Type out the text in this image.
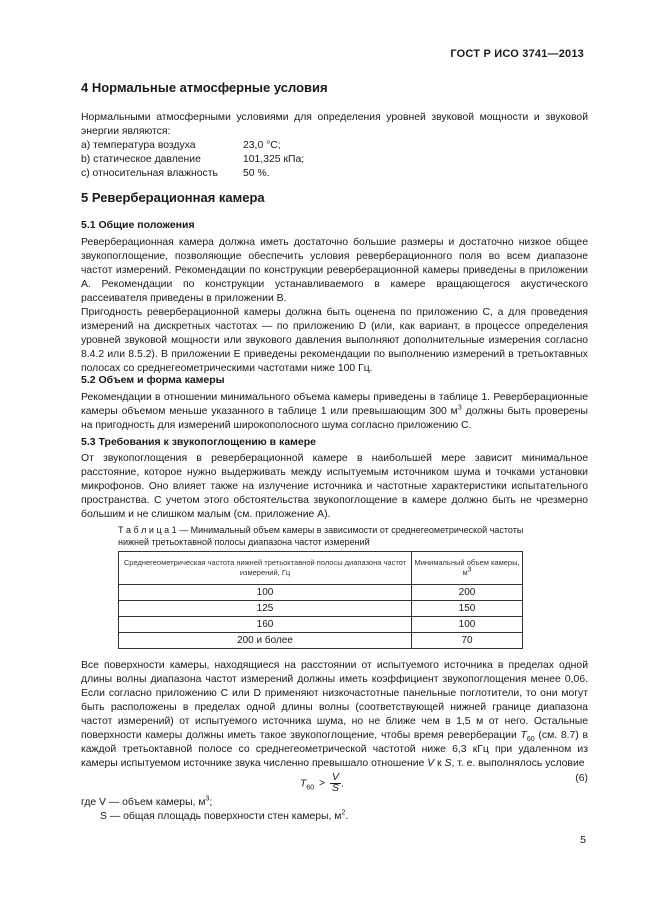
ГОСТ Р ИСО 3741—2013
4 Нормальные атмосферные условия
Нормальными атмосферными условиями для определения уровней звуковой мощности и звуковой энергии являются:
а) температура воздуха	23,0 °С;
b) статическое давление	101,325 кПа;
с) относительная влажность 50 %.
5 Реверберационная камера
5.1 Общие положения
Реверберационная камера должна иметь достаточно большие размеры и достаточно низкое общее звукопоглощение, позволяющие обеспечить условия реверберационного поля во всем диапазоне частот измерений. Рекомендации по конструкции реверберационной камеры приведены в приложении А. Рекомендации по конструкции устанавливаемого в камере вращающегося акустического рассеивателя приведены в приложении В.
Пригодность реверберационной камеры должна быть оценена по приложению С, а для проведения измерений на дискретных частотах — по приложению D (или, как вариант, в процессе определения уровней звуковой мощности или звукового давления выполняют дополнительные измерения согласно 8.4.2 или 8.5.2). В приложении Е приведены рекомендации по выполнению измерений в третьоктавных полосах со среднегеометрическими частотами ниже 100 Гц.
5.2 Объем и форма камеры
Рекомендации в отношении минимального объема камеры приведены в таблице 1. Реверберационные камеры объемом меньше указанного в таблице 1 или превышающим 300 $м^3$ должны быть проверены на пригодность для измерений широкополосного шума согласно приложению С.
5.3 Требования к звукопоглощению в камере
От звукопоглощения в реверберационной камере в наибольшей мере зависит минимальное расстояние, которое нужно выдерживать между испытуемым источником шума и точками установки микрофонов. Оно влияет также на излучение источника и частотные характеристики испытательного пространства. С учетом этого обстоятельства звукопоглощение в камере должно быть не чрезмерно большим и не слишком малым (см. приложение А).
Т а б л и ц а 1 — Минимальный объем камеры в зависимости от среднегеометрической частоты нижней третьоктавной полосы диапазона частот измерений
Среднегеометрическая частота нижней третьоктавной полосы диапазона частот измерений, Гц	Минимальный объем камеры, $м^3$
100	200
125	150
160	100
200 и более	70
Все поверхности камеры, находящиеся на расстоянии от испытуемого источника в пределах одной длины волны диапазона частот измерений должны иметь коэффициент звукопоглощения менее 0,06. Если согласно приложению С или D применяют низкочастотные панельные поглотители, то они могут быть расположены в пределах одной длины волны (соответствующей нижней границе диапазона частот измерений) от испытуемого источника шума, но не ближе чем в 1,5 м от него. Остальные поверхности камеры должны иметь такое звукопоглощение, чтобы время реверберации $T_{60}$ (см. 8.7) в каждой третьоктавной полосе со среднегеометрической частотой ниже 6,3 кГц при удаленном из камеры испытуемом источнике звука численно превышало отношение V к S, т. е. выполнялось условие
$T_{60} > \frac{V}{S}$ .	(6)
где V — объем камеры, $м^3$;
S — общая площадь поверхности стен камеры, $м^2$.
5
